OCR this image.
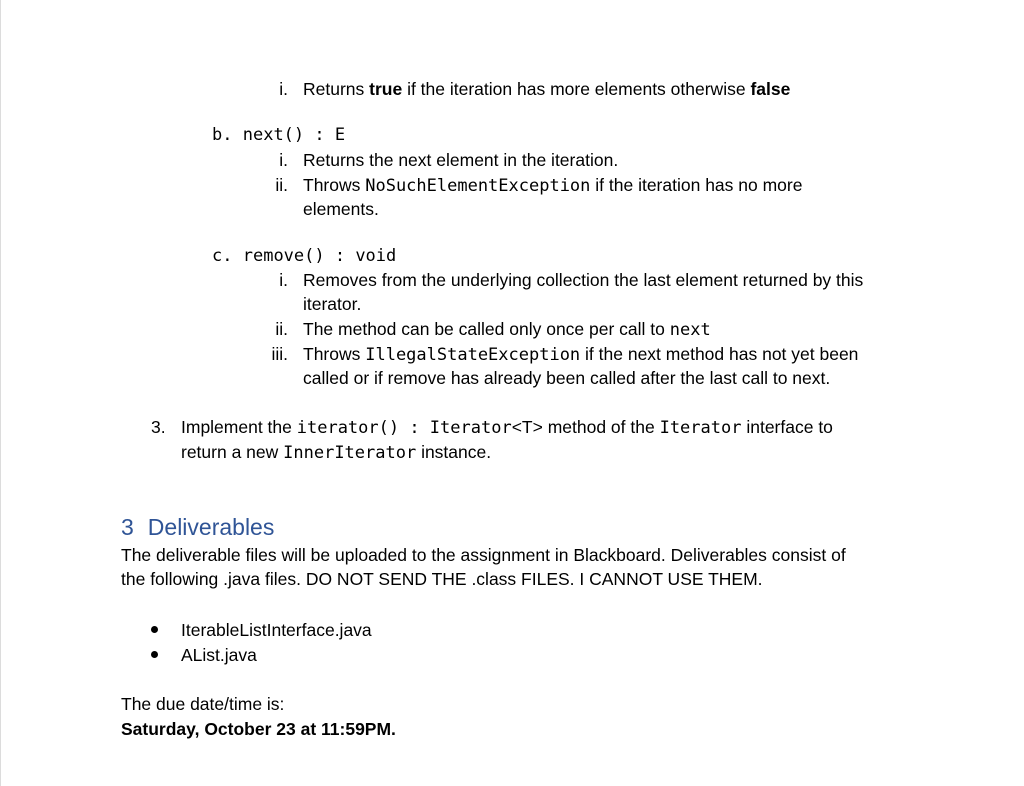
i. Returns true if the iteration has more elements otherwise false
b. next() : E
i. Returns the next element in the iteration.
ii. Throws NoSuchElementException if the iteration has no more
elements.
c. remove() : void
i. Removes from the underlying collection the last element returned by this
iterator.
ii. The method can be called only once per call to next
iii. Throws IllegalStateException if the next method has not yet been
called or if remove has already been called after the last call to next.
3. Implement the iterator() : Iterator<T> method of the Iterator interface to
return a new InnerIterator instance.
3 Deliverables
The deliverable files will be uploaded to the assignment in Blackboard. Deliverables consist of
the following .java files. DO NOT SEND THE .class FILES. I CANNOT USE THEM.
IterableListInterface.java
AList.java
The due date/time is:
Saturday, October 23 at 11:59PM.
